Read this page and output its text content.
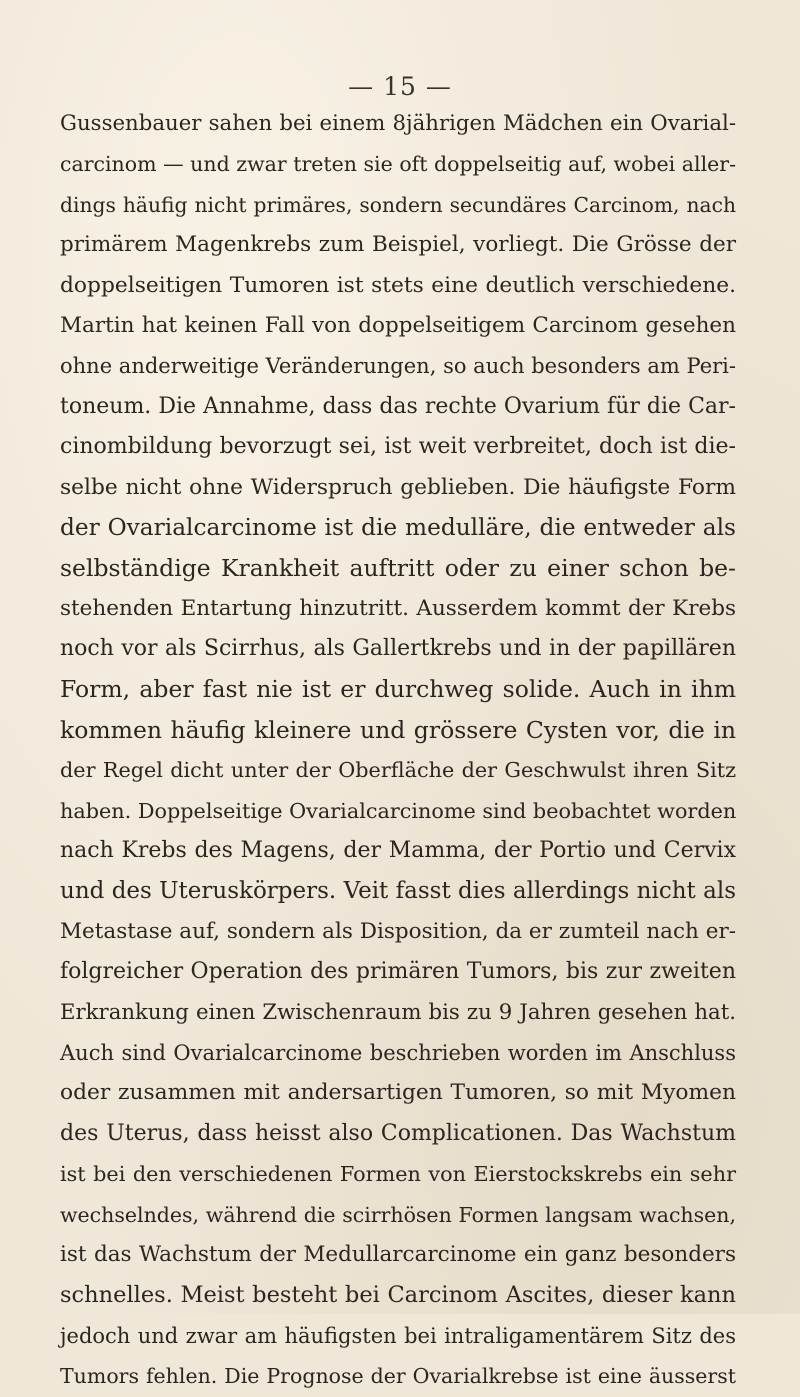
— 15 —
Gussenbauer sahen bei einem 8jährigen Mädchen ein Ovarial-
carcinom — und zwar treten sie oft doppelseitig auf, wobei aller-
dings häufig nicht primäres, sondern secundäres Carcinom, nach
primärem Magenkrebs zum Beispiel, vorliegt. Die Grösse der
doppelseitigen Tumoren ist stets eine deutlich verschiedene.
Martin hat keinen Fall von doppelseitigem Carcinom gesehen
ohne anderweitige Veränderungen, so auch besonders am Peri-
toneum. Die Annahme, dass das rechte Ovarium für die Car-
cinombildung bevorzugt sei, ist weit verbreitet, doch ist die-
selbe nicht ohne Widerspruch geblieben. Die häufigste Form
der Ovarialcarcinome ist die medulläre, die entweder als
selbständige Krankheit auftritt oder zu einer schon be-
stehenden Entartung hinzutritt. Ausserdem kommt der Krebs
noch vor als Scirrhus, als Gallertkrebs und in der papillären
Form, aber fast nie ist er durchweg solide. Auch in ihm
kommen häufig kleinere und grössere Cysten vor, die in
der Regel dicht unter der Oberfläche der Geschwulst ihren Sitz
haben. Doppelseitige Ovarialcarcinome sind beobachtet worden
nach Krebs des Magens, der Mamma, der Portio und Cervix
und des Uteruskörpers. Veit fasst dies allerdings nicht als
Metastase auf, sondern als Disposition, da er zumteil nach er-
folgreicher Operation des primären Tumors, bis zur zweiten
Erkrankung einen Zwischenraum bis zu 9 Jahren gesehen hat.
Auch sind Ovarialcarcinome beschrieben worden im Anschluss
oder zusammen mit andersartigen Tumoren, so mit Myomen
des Uterus, dass heisst also Complicationen. Das Wachstum
ist bei den verschiedenen Formen von Eierstockskrebs ein sehr
wechselndes, während die scirrhösen Formen langsam wachsen,
ist das Wachstum der Medullarcarcinome ein ganz besonders
schnelles. Meist besteht bei Carcinom Ascites, dieser kann
jedoch und zwar am häufigsten bei intraligamentärem Sitz des
Tumors fehlen. Die Prognose der Ovarialkrebse ist eine äusserst
